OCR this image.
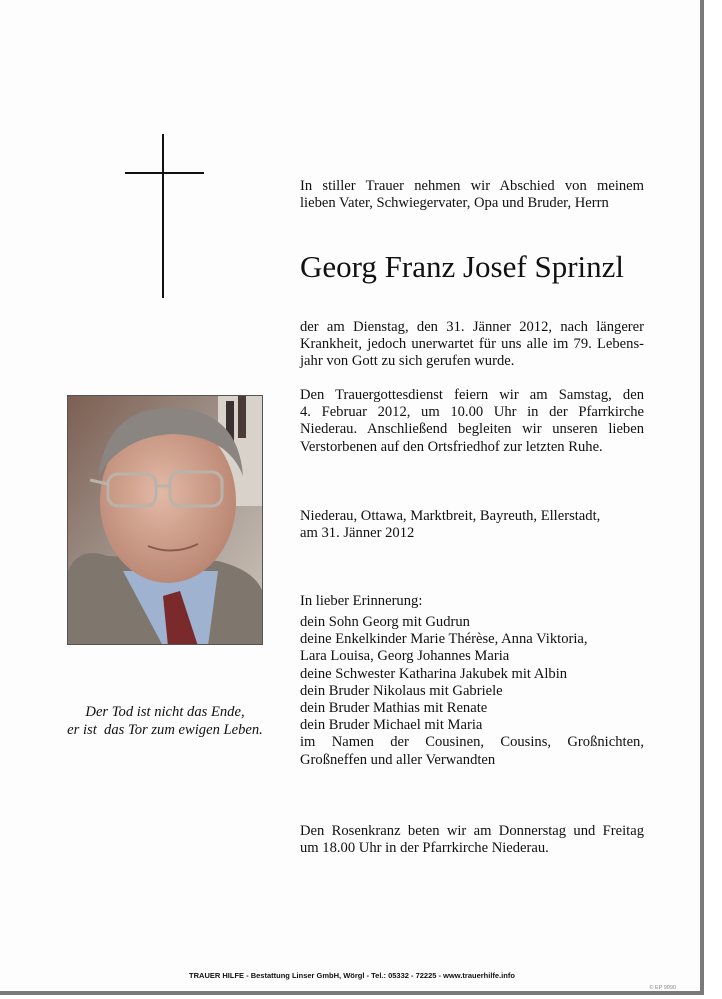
In stiller Trauer nehmen wir Abschied von meinem
lieben Vater, Schwiegervater, Opa und Bruder, Herrn
Georg Franz Josef Sprinzl
der am Dienstag, den 31. Jänner 2012, nach längerer
Krankheit, jedoch unerwartet für uns alle im 79. Lebens-
jahr von Gott zu sich gerufen wurde.
Den Trauergottesdienst feiern wir am Samstag, den
4. Februar 2012, um 10.00 Uhr in der Pfarrkirche
Niederau. Anschließend begleiten wir unseren lieben
Verstorbenen auf den Ortsfriedhof zur letzten Ruhe.
Niederau, Ottawa, Marktbreit, Bayreuth, Ellerstadt,
am 31. Jänner 2012
In lieber Erinnerung:
dein Sohn Georg mit Gudrun
deine Enkelkinder Marie Thérèse, Anna Viktoria,
Lara Louisa, Georg Johannes Maria
deine Schwester Katharina Jakubek mit Albin
dein Bruder Nikolaus mit Gabriele
dein Bruder Mathias mit Renate
dein Bruder Michael mit Maria
im Namen der Cousinen, Cousins, Großnichten,
Großneffen und aller Verwandten
Der Tod ist nicht das Ende,
er ist  das Tor zum ewigen Leben.
Den Rosenkranz beten wir am Donnerstag und Freitag
um 18.00 Uhr in der Pfarrkirche Niederau.
TRAUER HILFE - Bestattung Linser GmbH, Wörgl - Tel.: 05332 - 72225 - www.trauerhilfe.info
© EP 9090
